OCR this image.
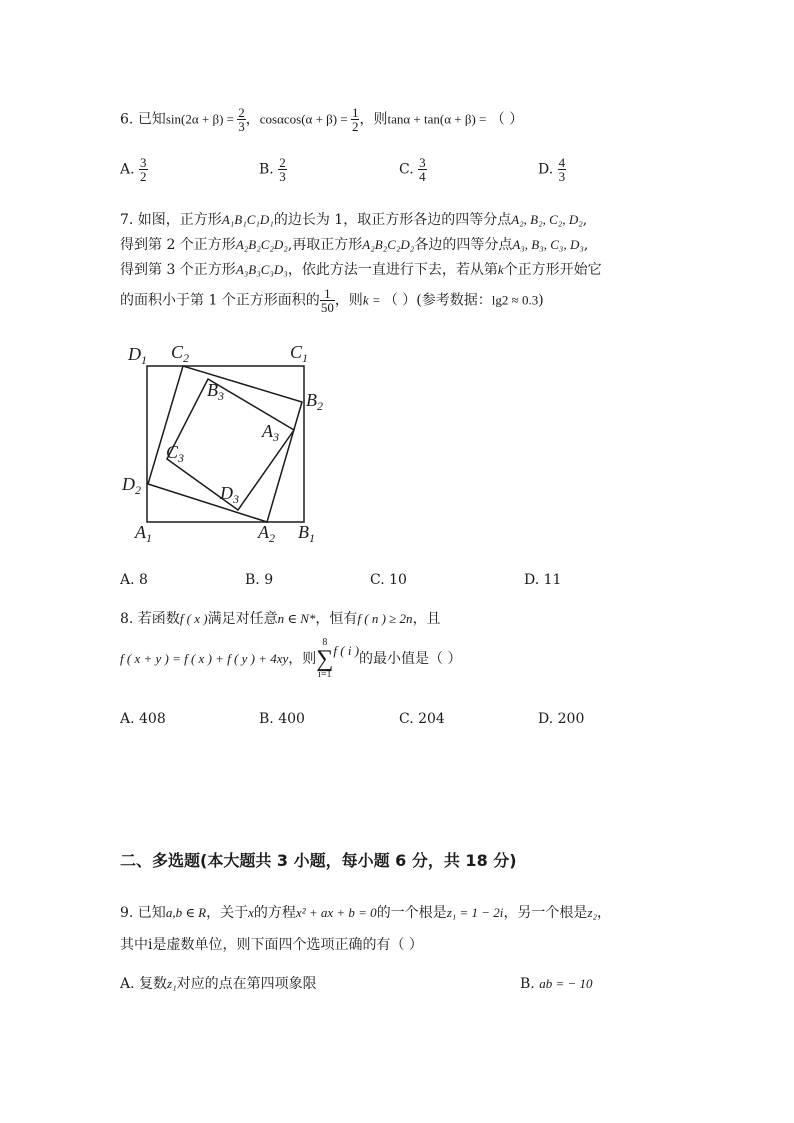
6. 已知$\sin(2\alpha + \beta) = \frac{2}{3}$ ，$\cos\alpha\cos(\alpha + \beta) = \frac{1}{2}$ ，则tanα + tan(α + β) = （ ）
A. $\frac{3}{2}$	B. $\frac{2}{3}$	C. $\frac{3}{4}$	D. $\frac{4}{3}$
7. 如图，正方形A₁B₁C₁D₁的边长为 1，取正方形各边的四等分点A₂, B₂, C₂, D₂,
得到第 2 个正方形A₂B₂C₂D₂,再取正方形A₂B₂C₂D₂各边的四等分点A₃, B₃, C₃, D₃,
得到第 3 个正方形A₃B₃C₃D₃，依此方法一直进行下去，若从第k个正方形开始它
的面积小于第 1 个正方形面积的 $\frac{1}{50}$ ，则k = （ ）(参考数据：lg2 ≈ 0.3)
$D_1$ $C_2$	$C_1$
$B_3$	$B_2$
$A_3$
$C_3$
$D_2$	$D_3$
$A_1$	$A_2$ $B_1$
A. 8	B. 9	C. 10	D. 11
8. 若函数f ( x )满足对任意n ∈ N*，恒有f ( n ) ≥ 2n，且
f ( x + y ) = f ( x ) + f ( y ) + 4xy，则
8
∑
i=1
f ( i )的最小值是（ ）
A. 408	B. 400	C. 204	D. 200
二、多选题(本大题共 3 小题，每小题 6 分，共 18 分)
9. 已知a,b ∈ R，关于x的方程x² + ax + b = 0的一个根是z₁ = 1 − 2i，另一个根是z₂，
其中i是虚数单位，则下面四个选项正确的有（ ）
A. 复数z₁对应的点在第四项象限	B. ab = − 10
